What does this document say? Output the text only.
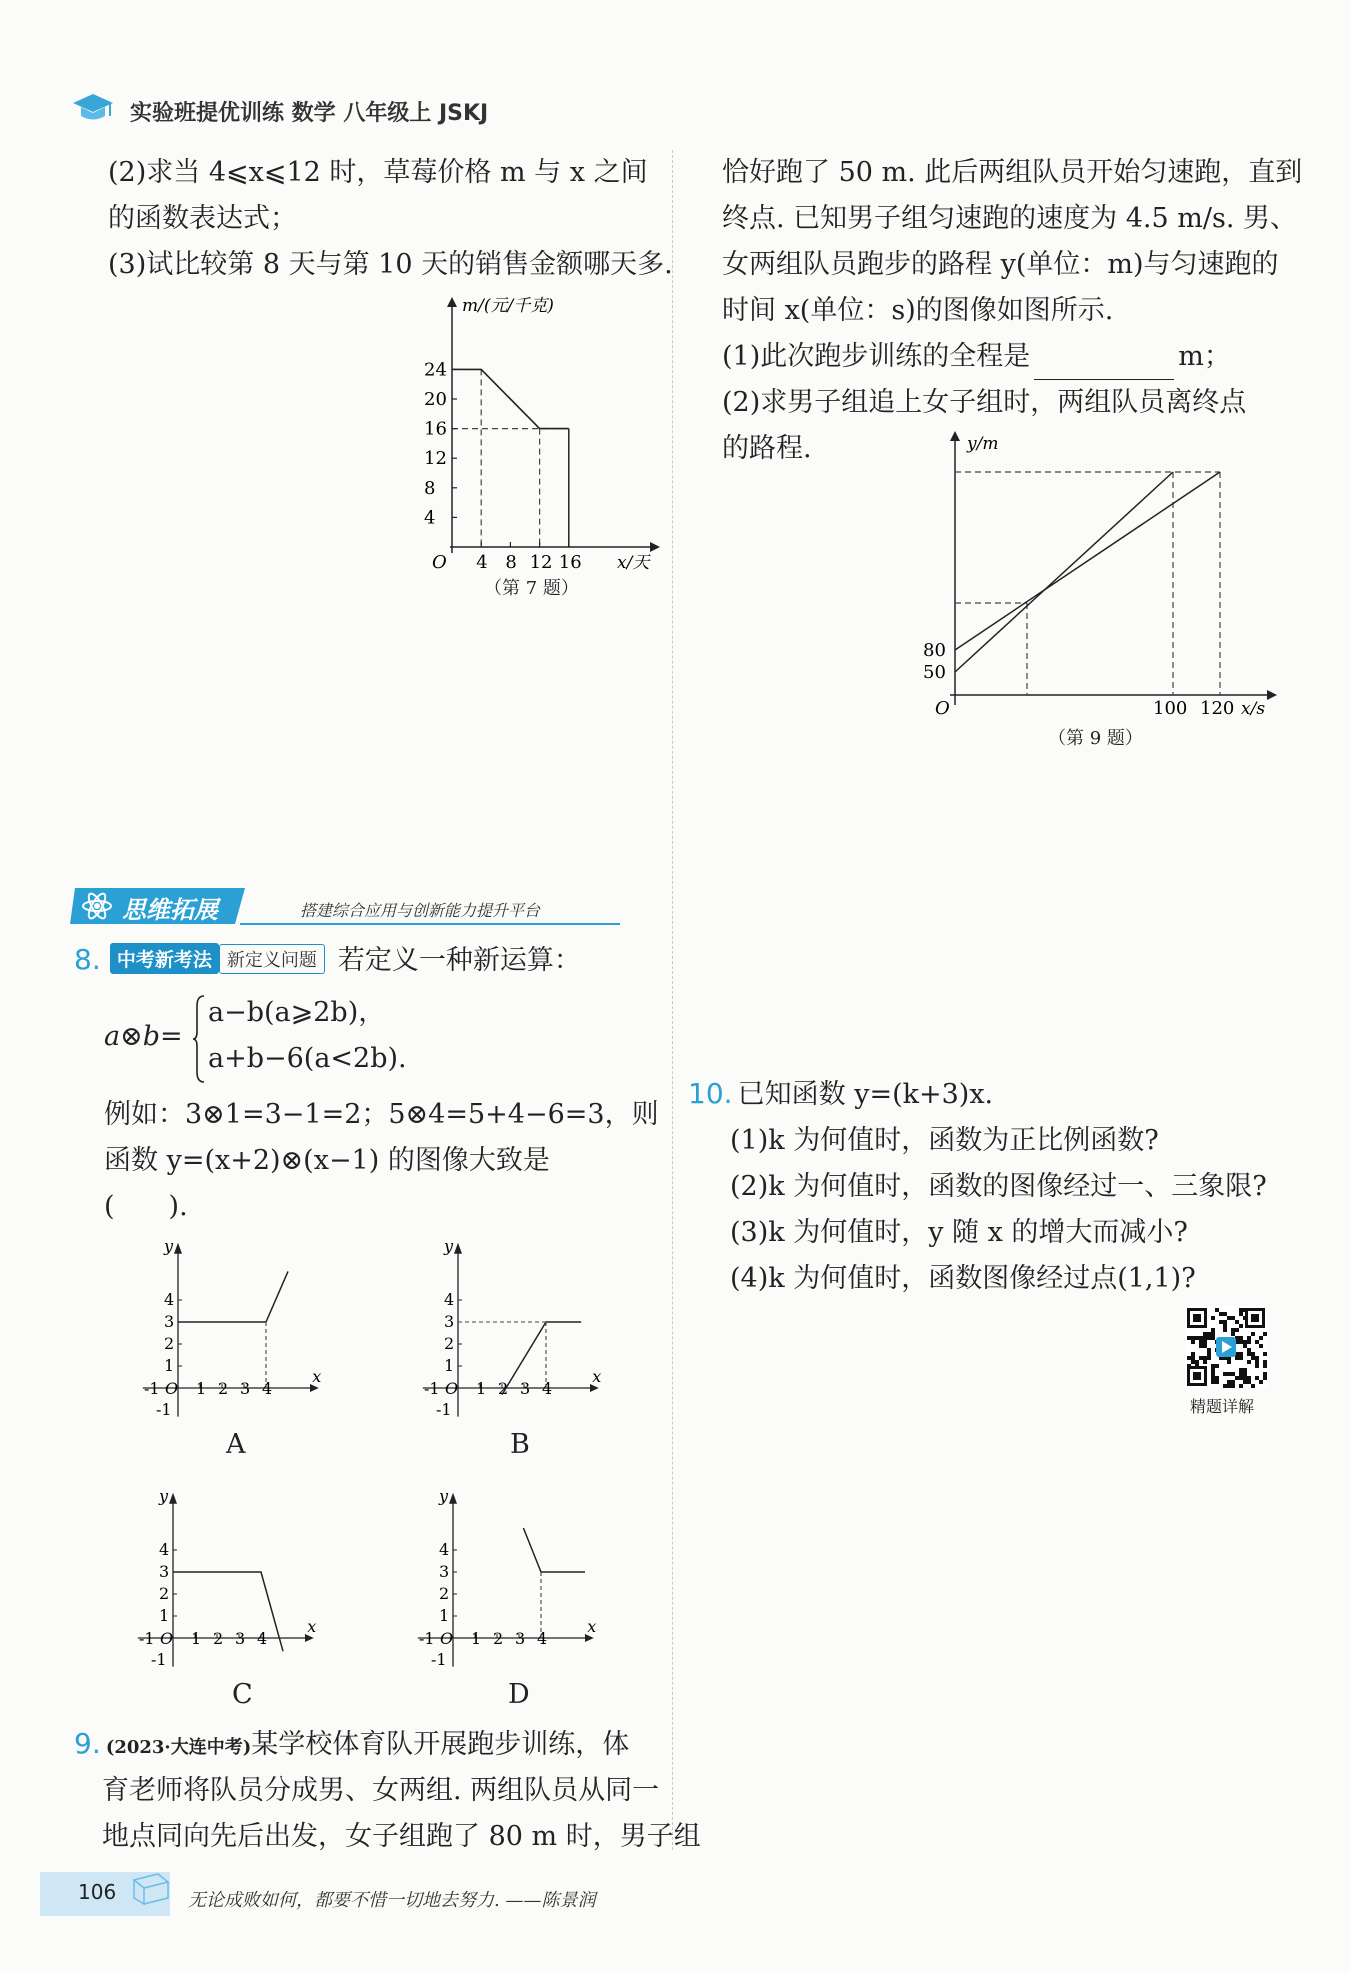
实验班提优训练 数学 八年级上 JSKJ
(2)求当 4⩽x⩽12 时，草莓价格 m 与 x 之间
的函数表达式；
(3)试比较第 8 天与第 10 天的销售金额哪天多.
4
8
12
16
20
24
4 8 12 16
m/(元/千克)
x/天
O
（第 7 题）
恰好跑了 50 m. 此后两组队员开始匀速跑，直到
终点. 已知男子组匀速跑的速度为 4.5 m/s. 男、
女两组队员跑步的路程 y(单位：m)与匀速跑的
时间 x(单位：s)的图像如图所示.
(1)此次跑步训练的全程是	m；
(2)求男子组追上女子组时，两组队员离终点
的路程.	y/m
80
50
O	100 120 x/s
（第 9 题）
思维拓展	搭建综合应用与创新能力提升平台
8. 中考新考法 新定义问题 若定义一种新运算：
a⊗b=
a−b(a⩾2b)，
a+b−6(a<2b).
例如：3⊗1=3−1=2；5⊗4=5+4−6=3，则
函数 y=(x+2)⊗(x−1) 的图像大致是
(　　).
y
x
O
1
2
3
4
-1
-1 1 2 3 4
y
x
O
1
2
3
4
-1
-1 1 2 3 4
y
x
O
1
2
3
4
-1
-1 1 2 3 4
y
x
O
1
2
3
4
-1
-1 1 2 3 4
A	B
C	D
9. (2023·大连中考)某学校体育队开展跑步训练，体
育老师将队员分成男、女两组. 两组队员从同一
地点同向先后出发，女子组跑了 80 m 时，男子组
10. 已知函数 y=(k+3)x.
(1)k 为何值时，函数为正比例函数?
(2)k 为何值时，函数的图像经过一、三象限?
(3)k 为何值时，y 随 x 的增大而减小?
(4)k 为何值时，函数图像经过点(1,1)?
精题详解
106	无论成败如何，都要不惜一切地去努力. ——陈景润
